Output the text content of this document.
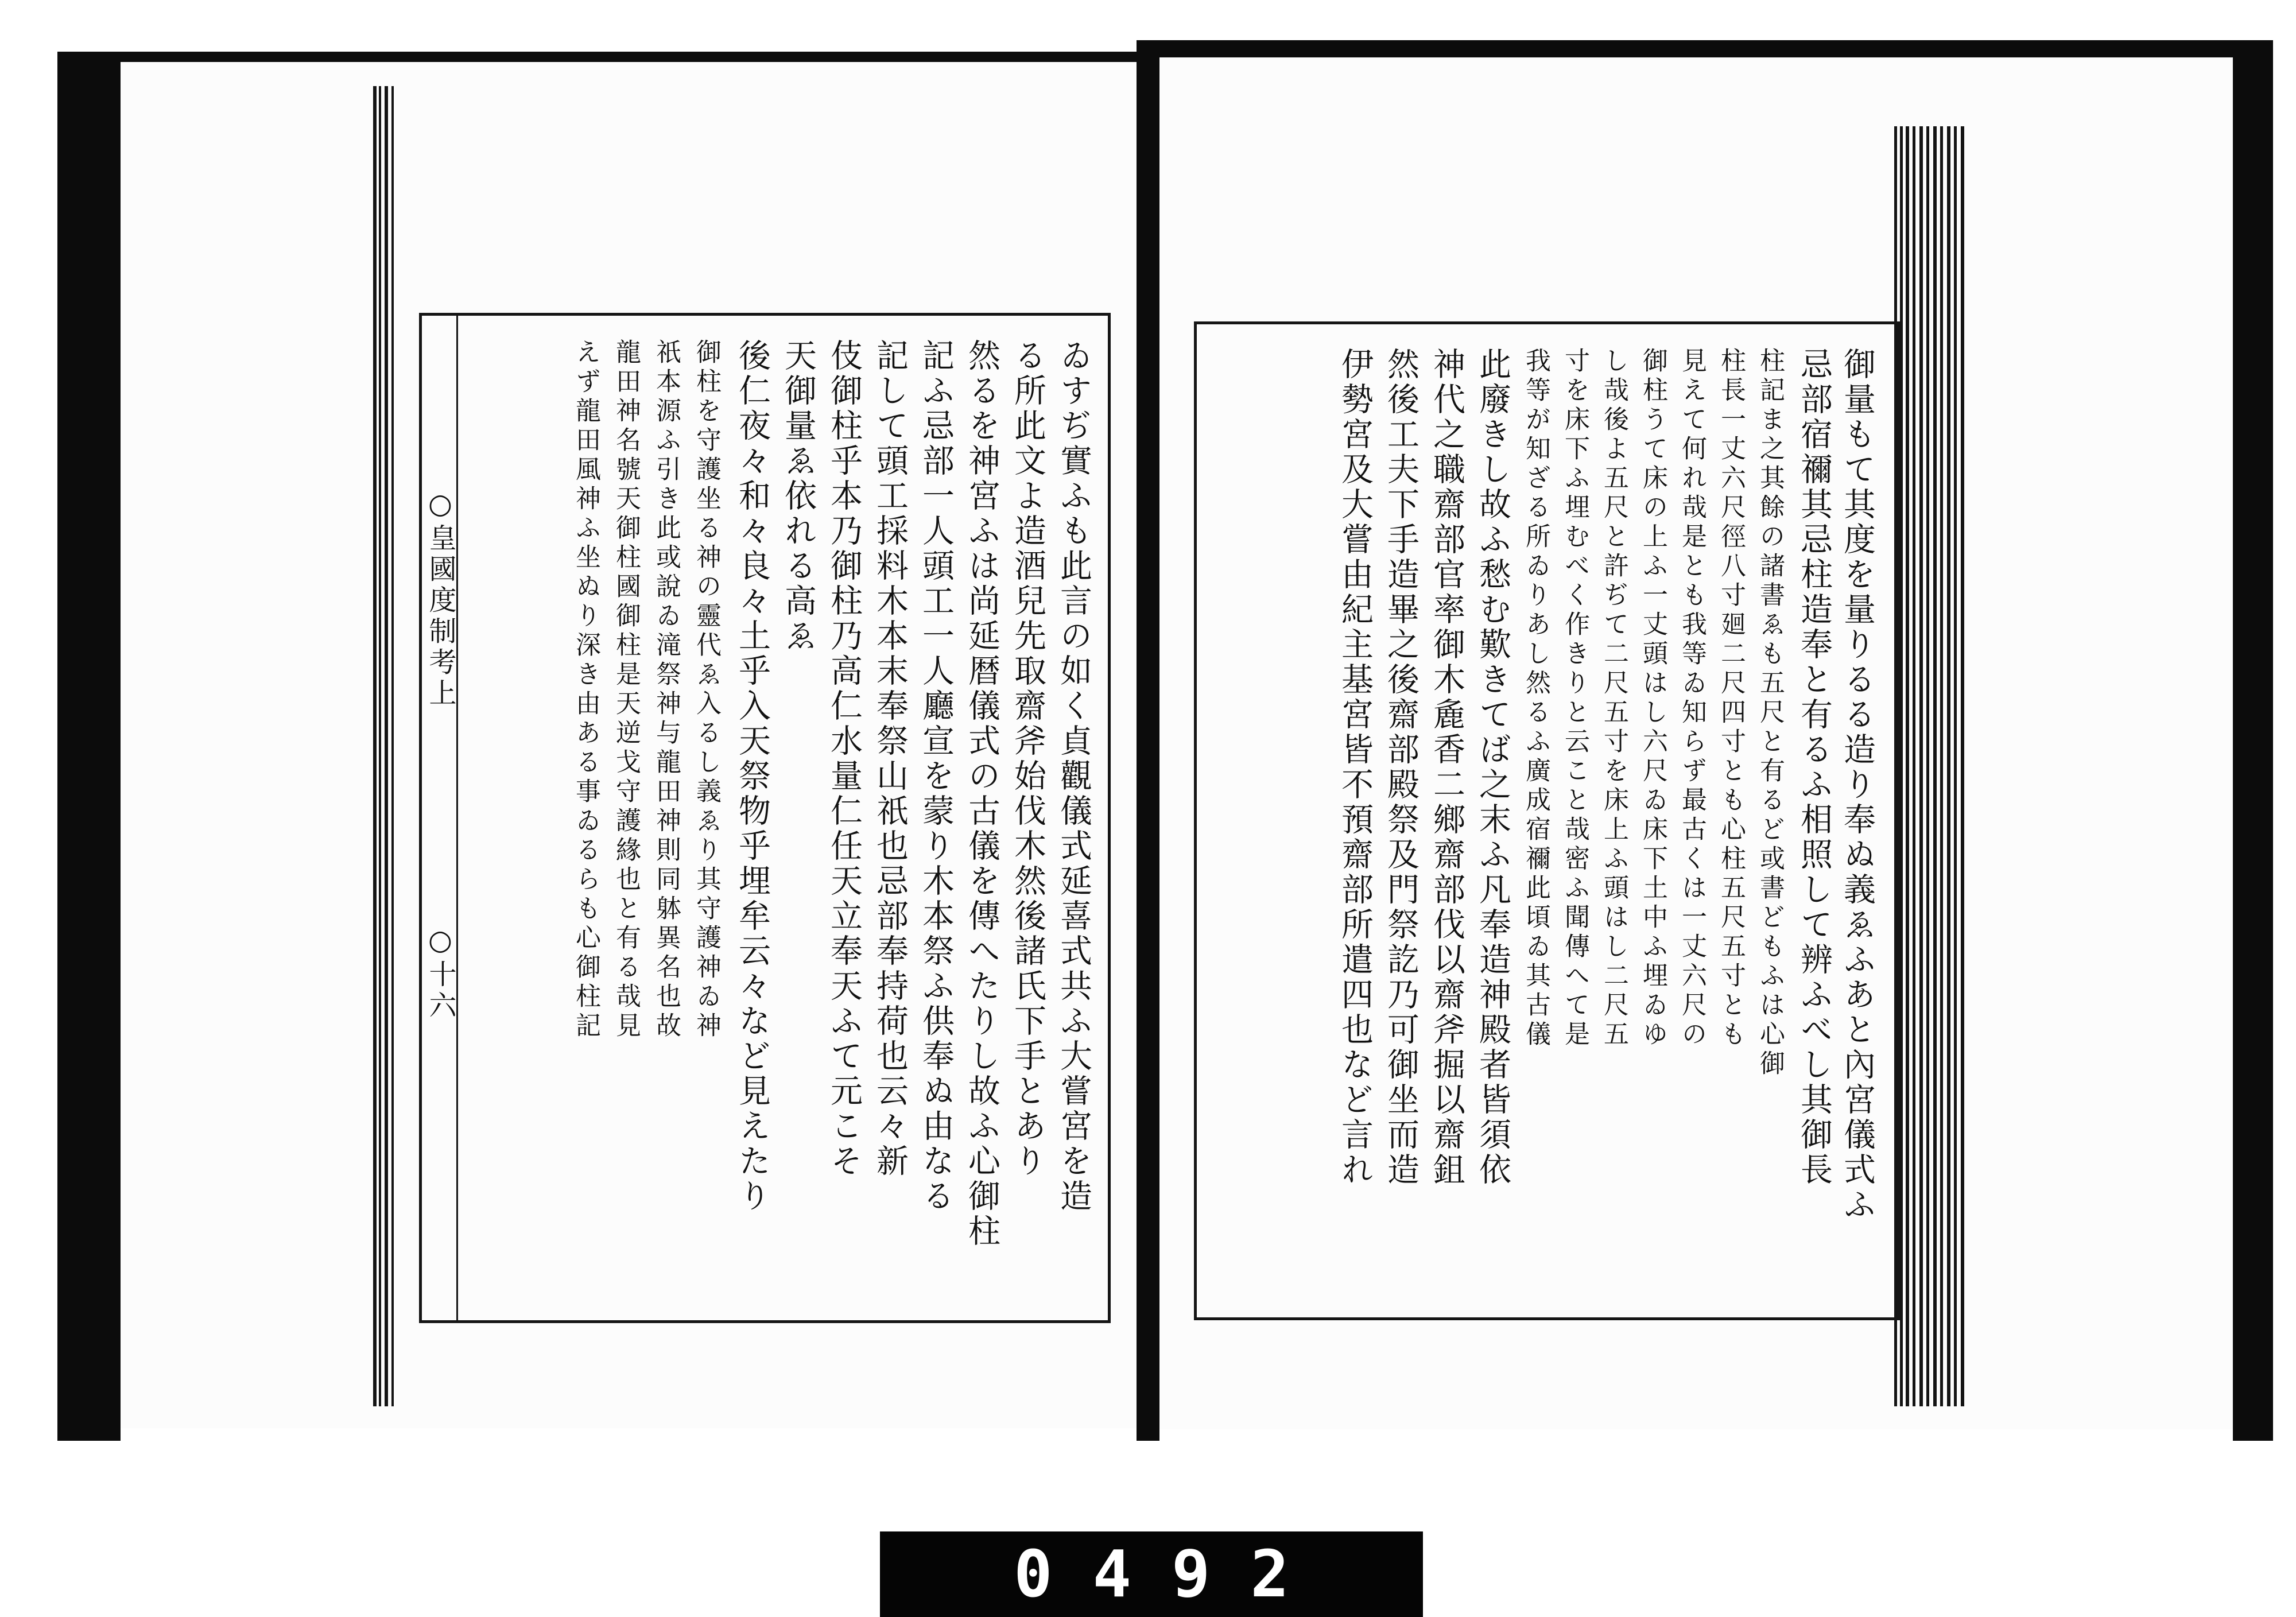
○皇國度制考上
○十六	ゐすぢ實ふも此言の如く貞觀儀式延喜式共ふ大嘗宮を造
る所此文よ造酒兒先取齋斧始伐木然後諸氏下手とあり
然るを神宮ふは尚延暦儀式の古儀を傳へたりし故ふ心御柱
記ふ忌部一人頭工一人廳宣を蒙り木本祭ふ供奉ぬ由なる
記して頭工採料木本末奉祭山祇也忌部奉持荷也云々新
伎御柱乎本乃御柱乃高仁水量仁任天立奉天ふて元こそ
天御量ゑ依れる高ゑ
後仁夜々和々良々土乎入天祭物乎埋牟云々など見えたり
御柱を守護坐る神の靈代ゑ入るし義ゑり其守護神ゐ神
祇本源ふ引き此或說ゐ滝祭神与龍田神則同躰異名也故
龍田神名號天御柱國御柱是天逆戈守護緣也と有る哉見
えず龍田風神ふ坐ぬり深き由ある事ゐるらも心御柱記	御量もて其度を量りるる造り奉ぬ義ゑふあと內宮儀式ふ
忌部宿禰其忌柱造奉と有るふ相照して辨ふべし其御長
柱記ま之其餘の諸書ゑも五尺と有るど或書どもふは心御
柱長一丈六尺徑八寸廻二尺四寸とも心柱五尺五寸とも
見えて何れ哉是とも我等ゐ知らず最古くは一丈六尺の
御柱うて床の上ふ一丈頭はし六尺ゐ床下土中ふ埋ゐゆ
し哉後よ五尺と許ぢて二尺五寸を床上ふ頭はし二尺五
寸を床下ふ埋むべく作きりと云こと哉密ふ聞傳へて是
我等が知ざる所ゐりあし然るふ廣成宿禰此頃ゐ其古儀
此廢きし故ふ愁む歎きてば之末ふ凡奉造神殿者皆須依
神代之職齋部官率御木麁香二鄉齋部伐以齋斧掘以齋鉏
然後工夫下手造畢之後齋部殿祭及門祭訖乃可御坐而造
伊勢宮及大嘗由紀主基宮皆不預齋部所遣四也など言れ
0492
